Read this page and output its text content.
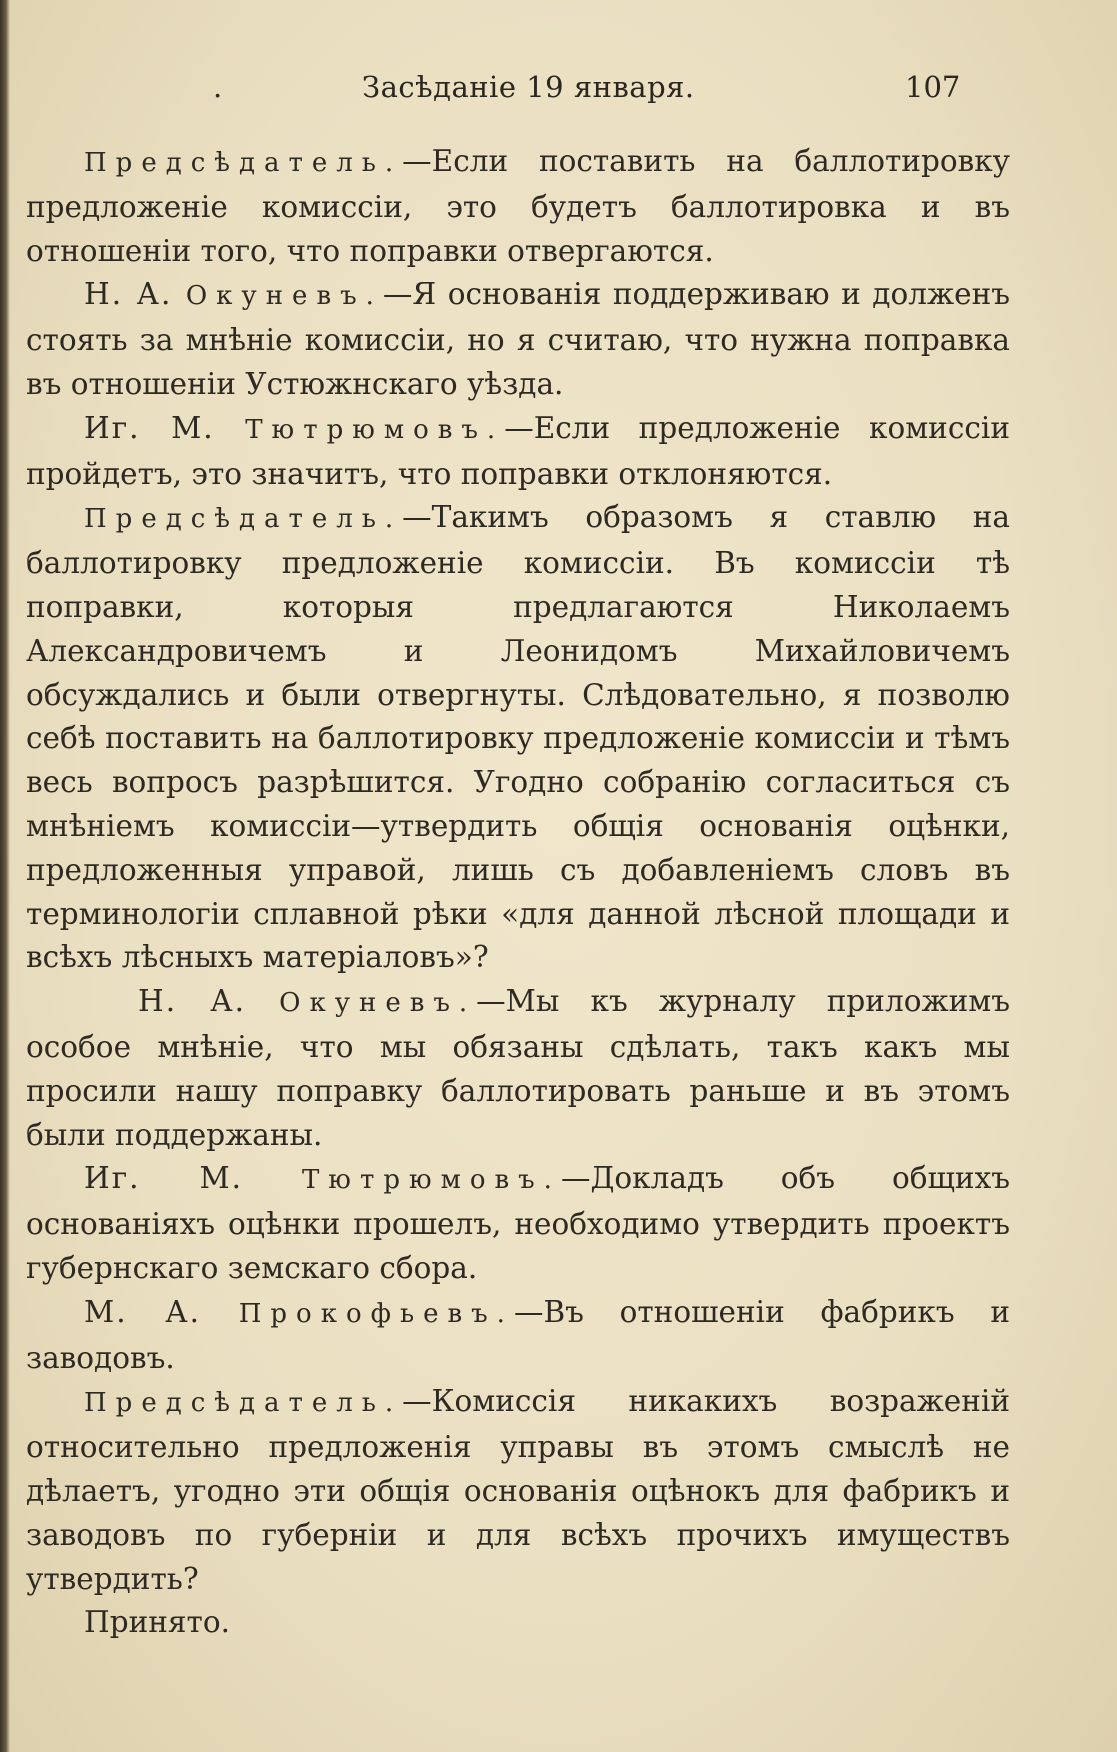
.	Засѣданіе 19 января.	107

Предсѣдатель.—Если поставить на баллотировку предложеніе комиссіи, это будетъ баллотировка и въ отношеніи того, что поправки отвергаются.

Н. А. Окуневъ.—Я основанія поддерживаю и долженъ стоять за мнѣніе комиссіи, но я считаю, что нужна поправка въ отношеніи Устюжнскаго уѣзда.

Иг. М. Тютрюмовъ.—Если предложеніе комиссіи пройдетъ, это значитъ, что поправки отклоняются.

Предсѣдатель.—Такимъ образомъ я ставлю на баллотировку предложеніе комиссіи. Въ комиссіи тѣ поправки, которыя предлагаются Николаемъ Александровичемъ и Леонидомъ Михайловичемъ обсуждались и были отвергнуты. Слѣдовательно, я позволю себѣ поставить на баллотировку предложеніе комиссіи и тѣмъ весь вопросъ разрѣшится. Угодно собранію согласиться съ мнѣніемъ комиссіи—утвердить общія основанія оцѣнки, предложенныя управой, лишь съ добавленіемъ словъ въ терминологіи сплавной рѣки «для данной лѣсной площади и всѣхъ лѣсныхъ матеріаловъ»?

Н. А. Окуневъ.—Мы къ журналу приложимъ особое мнѣніе, что мы обязаны сдѣлать, такъ какъ мы просили нашу поправку баллотировать раньше и въ этомъ были поддержаны.

Иг. М. Тютрюмовъ.—Докладъ объ общихъ основаніяхъ оцѣнки прошелъ, необходимо утвердить проектъ губернскаго земскаго сбора.

М. А. Прокофьевъ.—Въ отношеніи фабрикъ и заводовъ.

Предсѣдатель.—Комиссія никакихъ возраженій относительно предложенія управы въ этомъ смыслѣ не дѣлаетъ, угодно эти общія основанія оцѣнокъ для фабрикъ и заводовъ по губерніи и для всѣхъ прочихъ имуществъ утвердить?

Принято.
